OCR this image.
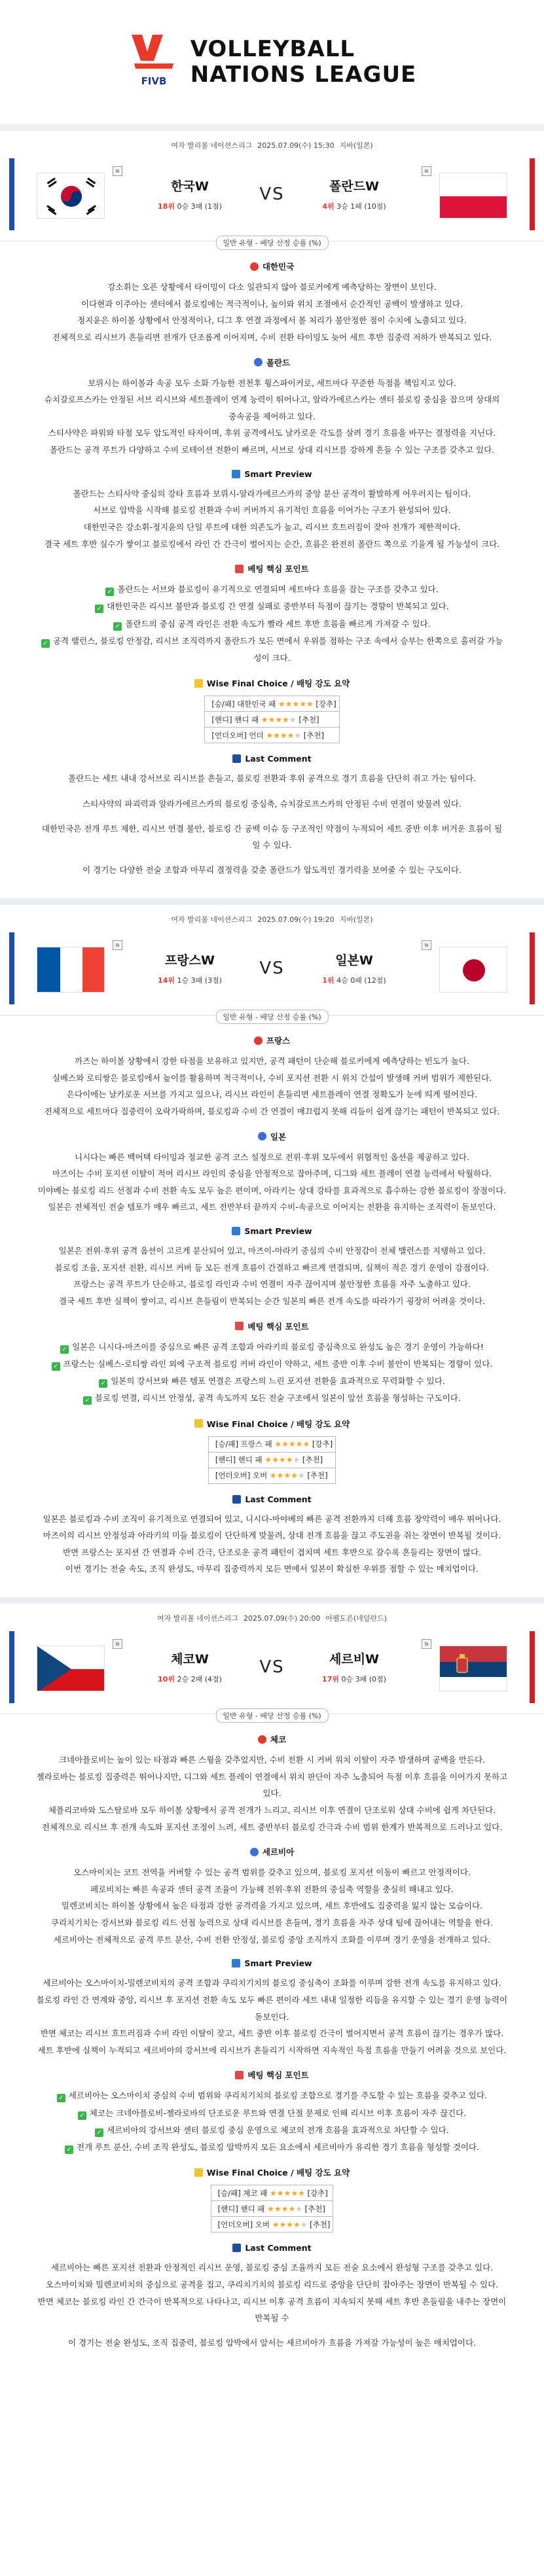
FIVB
VOLLEYBALL
NATIONS LEAGUE
여자 발리볼 네이션스리그 2025.07.09(수) 15:30 지바(일본)
⧉	⧉
한국W
18위 0승 3패 (1점)
VS	폴란드W
4위 3승 1패 (10점)
일반 유형 - 배당 산정 승률 (%)
대한민국

강소휘는 오픈 상황에서 타이밍이 다소 일관되지 않아 블로커에게 예측당하는 장면이 보인다.

이다현과 이주아는 센터에서 블로킹에는 적극적이나, 높이와 위치 조절에서 순간적인 공백이 발생하고 있다.

정지윤은 하이볼 상황에서 안정적이나, 디그 후 연결 과정에서 볼 처리가 불안정한 점이 수치에 노출되고 있다.

전체적으로 리시브가 흔들리면 전개가 단조롭게 이어지며, 수비 전환 타이밍도 늦어 세트 후반 집중력 저하가 반복되고 있다.

폴란드

보뤼시는 하이볼과 속공 모두 소화 가능한 전천후 윙스파이커로, 세트마다 꾸준한 득점을 책임지고 있다.

슈치갈로프스카는 안정된 서브 리시브와 세트플레이 연계 능력이 뛰어나고, 알라가에르스카는 센터 블로킹 중심을 잡으며 상대의

중속공을 제어하고 있다.

스티사약은 파워와 타점 모두 압도적인 타자이며, 후위 공격에서도 날카로운 각도를 살려 경기 흐름을 바꾸는 결정력을 지닌다.

폴란드는 공격 루트가 다양하고 수비 로테이션 전환이 빠르며, 서브로 상대 리시브를 강하게 흔들 수 있는 구조를 갖추고 있다.

Smart Preview

폴란드는 스티사약 중심의 강타 흐름과 보뤼시-알라가에르스카의 중앙 분산 공격이 활발하게 어우러지는 팀이다.

서브로 압박을 시작해 블로킹 전환과 수비 커버까지 유기적인 흐름을 이어가는 구조가 완성되어 있다.

대한민국은 강소휘-정지윤의 단일 루트에 대한 의존도가 높고, 리시브 흐트러짐이 잦아 전개가 제한적이다.

결국 세트 후반 실수가 쌓이고 블로킹에서 라인 간 간극이 벌어지는 순간, 흐름은 완전히 폴란드 쪽으로 기울게 될 가능성이 크다.

베팅 핵심 포인트

✓ 폴란드는 서브와 블로킹이 유기적으로 연결되며 세트마다 흐름을 잡는 구조를 갖추고 있다.

✓ 대한민국은 리시브 불안과 블로킹 간 연결 실패로 중반부터 득점이 끊기는 경향이 반복되고 있다.

✓ 폴란드의 중심 공격 라인은 전환 속도가 빨라 세트 후반 흐름을 빠르게 가져갈 수 있다.

✓ 공격 밸런스, 블로킹 안정감, 리시브 조직력까지 폴란드가 모든 면에서 우위를 점하는 구조 속에서 승부는 한쪽으로 흘러갈 가능성이 크다.

Wise Final Choice / 배팅 강도 요약
[승/패] 대한민국 패 ★★★★★ [강추]
[핸디] 핸디 패 ★★★★★ [추천]
[언더오버] 언더 ★★★★★ [추천]
Last Comment

폴란드는 세트 내내 강서브로 리시브를 흔들고, 블로킹 전환과 후위 공격으로 경기 흐름을 단단히 쥐고 가는 팀이다.

스티사약의 파괴력과 알라가에르스카의 블로킹 중심축, 슈치갈로프스카의 안정된 수비 연결이 맞물려 있다.

대한민국은 전개 루트 제한, 리시브 연결 불안, 블로킹 간 공백 이슈 등 구조적인 약점이 누적되어 세트 중반 이후 버거운 흐름이 될

일 수 있다.

이 경기는 다양한 전술 조합과 마무리 결정력을 갖춘 폴란드가 압도적인 경기력을 보여줄 수 있는 구도이다.

여자 발리볼 네이션스리그 2025.07.09(수) 19:20 지바(일본)
⧉	⧉
프랑스W
14위 1승 3패 (3점)
VS	일본W
1위 4승 0패 (12점)
일반 유형 - 배당 산정 승률 (%)
프랑스

까즈는 하이볼 상황에서 강한 타점을 보유하고 있지만, 공격 패턴이 단순해 블로커에게 예측당하는 빈도가 높다.

실베스와 로티쌍은 블로킹에서 높이를 활용하며 적극적이나, 수비 포지션 전환 시 위치 간섭이 발생해 커버 범위가 제한된다.

은다이에는 날카로운 서브를 가지고 있으나, 리시브 라인이 흔들리면 세트플레이 연결 정확도가 눈에 띄게 떨어진다.

전체적으로 세트마다 집중력이 오락가락하며, 블로킹과 수비 간 연결이 매끄럽지 못해 리듬이 쉽게 끊기는 패턴이 반복되고 있다.

일본

니시다는 빠른 백어택 타이밍과 정교한 공격 코스 설정으로 전위·후위 모두에서 위협적인 옵션을 제공하고 있다.

마즈이는 수비 포지션 이탈이 적어 리시브 라인의 중심을 안정적으로 잡아주며, 디그와 세트 플레이 연결 능력에서 탁월하다.

미야베는 블로킹 리드 선점과 수비 전환 속도 모두 높은 편이며, 아라키는 상대 강타를 효과적으로 흡수하는 강한 블로킹이 장점이다.

일본은 전체적인 전술 템포가 매우 빠르고, 세트 전반부터 끝까지 수비-속공으로 이어지는 전환을 유지하는 조직력이 돋보인다.

Smart Preview

일본은 전위·후위 공격 옵션이 고르게 분산되어 있고, 마즈이-아라키 중심의 수비 안정감이 전체 밸런스를 지탱하고 있다.

블로킹 조율, 포지션 전환, 리시브 커버 등 모든 전개 흐름이 간결하고 빠르게 연결되며, 실책이 적은 경기 운영이 강점이다.

프랑스는 공격 루트가 단순하고, 블로킹 라인과 수비 연결이 자주 끊어지며 불안정한 흐름을 자주 노출하고 있다.

결국 세트 후반 실책이 쌓이고, 리시브 흔들림이 반복되는 순간 일본의 빠른 전개 속도를 따라가기 굉장히 어려울 것이다.

베팅 핵심 포인트

✓ 일본은 니시다-마즈이를 중심으로 빠른 공격 조합과 아라키의 블로킹 중심축으로 완성도 높은 경기 운영이 가능하다!

✓ 프랑스는 실베스-로티쌍 라인 외에 구조적 블로킹 커버 라인이 약하고, 세트 중반 이후 수비 불안이 반복되는 경향이 있다.

✓ 일본의 강서브와 빠른 템포 연결은 프랑스의 느린 포지션 전환을 효과적으로 무력화할 수 있다.

✓ 블로킹 연결, 리시브 안정성, 공격 속도까지 모든 전술 구조에서 일본이 앞선 흐름을 형성하는 구도이다.

Wise Final Choice / 배팅 강도 요약
[승/패] 프랑스 패 ★★★★★ [강추]
[핸디] 핸디 패 ★★★★★ [추천]
[언더오버] 오버 ★★★★★ [추천]
Last Comment

일본은 블로킹과 수비 조직이 유기적으로 연결되어 있고, 니시다-마야베의 빠른 공격 전환까지 더해 흐름 장악력이 매우 뛰어나다.

마즈이의 리시브 안정성과 아라키의 미들 블로킹이 단단하게 맞물려, 상대 전개 흐름을 끊고 주도권을 쥐는 장면이 반복될 것이다.

반면 프랑스는 포지션 간 연결과 수비 간극, 단조로운 공격 패턴이 겹치며 세트 후반으로 갈수록 흔들리는 장면이 많다.

이번 경기는 전술 속도, 조직 완성도, 마무리 집중력까지 모든 면에서 일본이 확실한 우위를 점할 수 있는 매치업이다.

여자 발리볼 네이션스리그 2025.07.09(수) 20:00 아펠도른(네덜란드)
⧉	⧉
체코W
10위 2승 2패 (4점)
VS	세르비W
17위 0승 3패 (0점)
일반 유형 - 배당 산정 승률 (%)
체코

크네아플로비는 높이 있는 타점과 빠른 스윙을 갖추었지만, 수비 전환 시 커버 위치 이탈이 자주 발생하며 공백을 만든다.

젤라로바는 블로킹 집중력은 뛰어나지만, 디그와 세트 플레이 연결에서 위치 판단이 자주 노출되어 득점 이후 흐름을 이어가지 못하고 있다.

체플리코바와 도스탈로바 모두 하이볼 상황에서 공격 전개가 느리고, 리시브 이후 연결이 단조로워 상대 수비에 쉽게 차단된다.

전체적으로 리시브 후 전개 속도와 포지션 조정이 느려, 세트 중반부터 블로킹 간극과 수비 범위 한계가 반복적으로 드러나고 있다.

세르비아

오스마이치는 코트 전역을 커버할 수 있는 공격 범위를 갖추고 있으며, 블로킹 포지션 이동이 빠르고 안정적이다.

페로비치는 빠른 속공과 센터 공격 조율이 가능해 전위·후위 전환의 중심축 역할을 충실히 해내고 있다.

밀렌코비치는 하이볼 상황에서 높은 타점과 강한 공격력을 가지고 있으며, 세트 후반에도 집중력을 잃지 않는 모습이다.

쿠리치기치는 강서브와 블로킹 리드 선점 능력으로 상대 리시브를 흔들며, 경기 흐름을 자주 상대 팀에 끊어내는 역할을 한다.

세르비아는 전체적으로 공격 루트 분산, 수비 전환 안정성, 블로킹 중앙 조직까지 조화를 이루며 경기 운영을 전개하고 있다.

Smart Preview

세르비아는 오스마이치-밀렌코비치의 공격 조합과 쿠리치기치의 블로킹 중심축이 조화를 이루며 강한 전개 속도를 유지하고 있다.

블로킹 라인 간 연계와 중앙, 리시브 후 포지션 전환 속도 모두 빠른 편이라 세트 내내 일정한 리듬을 유지할 수 있는 경기 운영 능력이 돋보인다.

반면 체코는 리시브 흐트러짐과 수비 라인 이탈이 잦고, 세트 중반 이후 블로킹 간극이 벌어지면서 공격 흐름이 끊기는 경우가 많다.

세트 후반에 실책이 누적되고 세르비아의 강서브에 리시브가 흔들리기 시작하면 지속적인 득점 흐름을 만들기 어려울 것으로 보인다.

베팅 핵심 포인트

✓ 세르비아는 오스마이치 중심의 수비 범위와 쿠리치기치의 블로킹 조합으로 경기를 주도할 수 있는 흐름을 갖추고 있다.

✓ 체코는 크네아플로비-젤라로바의 단조로운 루트와 연결 단절 문제로 인해 리시브 이후 흐름이 자주 끊긴다.

✓ 세르비아의 강서브와 센터 블로킹 중심 운영으로 체코의 전개 흐름을 효과적으로 차단할 수 있다.

✓ 전개 루트 분산, 수비 조직 완성도, 블로킹 압박까지 모든 요소에서 세르비아가 유리한 경기 흐름을 형성할 것이다.

Wise Final Choice / 배팅 강도 요약
[승/패] 체코 패 ★★★★★ [강추]
[핸디] 핸디 패 ★★★★★ [추천]
[언더오버] 오버 ★★★★★ [추천]
Last Comment

세르비아는 빠른 포지션 전환과 안정적인 리시브 운영, 블로킹 중심 조율까지 모든 전술 요소에서 완성형 구조를 갖추고 있다.

오스마이치와 밀렌코비치의 중심으로 공격을 집고, 쿠리치기치의 블로킹 리드로 중앙을 단단히 잡아주는 장면이 반복될 수 있다.

반면 체코는 블로킹 라인 간 간극이 반복적으로 나타나고, 리시브 이후 공격 흐름이 지속되지 못해 세트 후반 흔들림을 내주는 장면이 반복될 수

이 경기는 전술 완성도, 조직 집중력, 블로킹 압박에서 앞서는 세르비아가 흐름을 가져갈 가능성이 높은 매치업이다.
